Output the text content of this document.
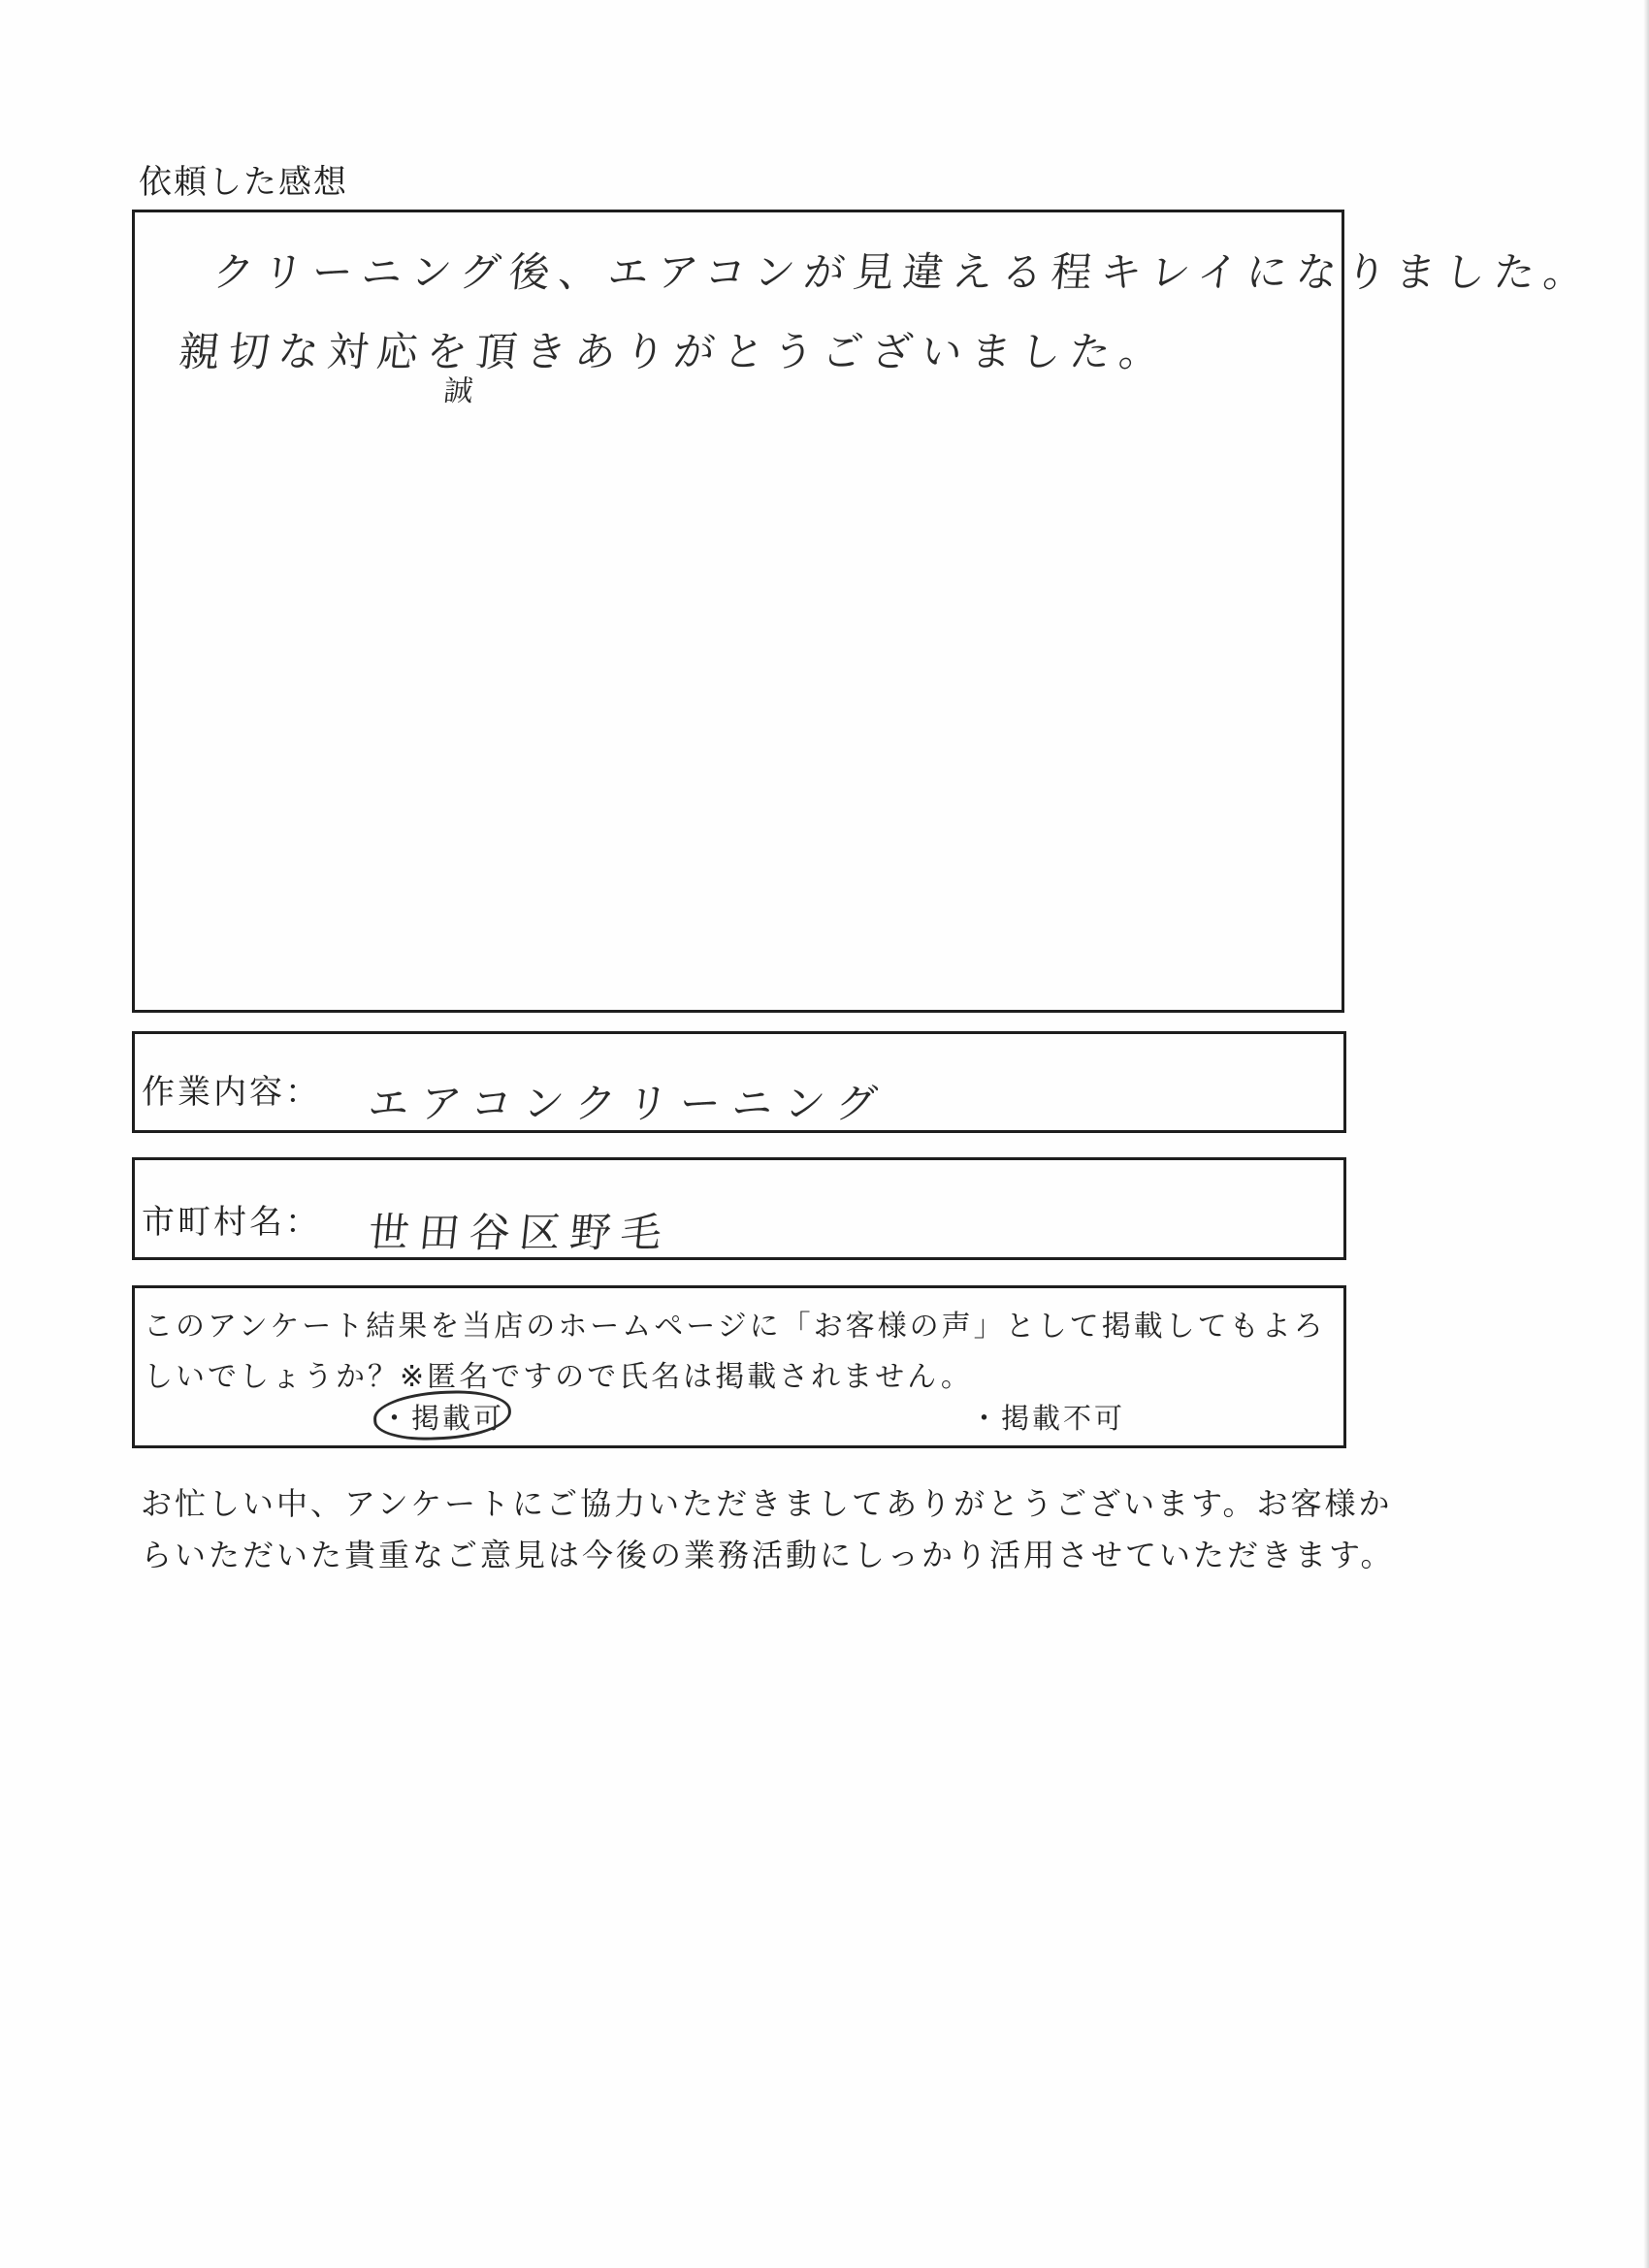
依頼した感想
クリーニング後、エアコンが見違える程キレイになりました。
親切な対応を頂きありがとうございました。
誠
作業内容： エアコンクリーニング
市町村名： 世田谷区野毛
このアンケート結果を当店のホームページに「お客様の声」として掲載してもよろ
しいでしょうか？※匿名ですので氏名は掲載されません。
・掲載可	・掲載不可
お忙しい中、アンケートにご協力いただきましてありがとうございます。お客様か
らいただいた貴重なご意見は今後の業務活動にしっかり活用させていただきます。
